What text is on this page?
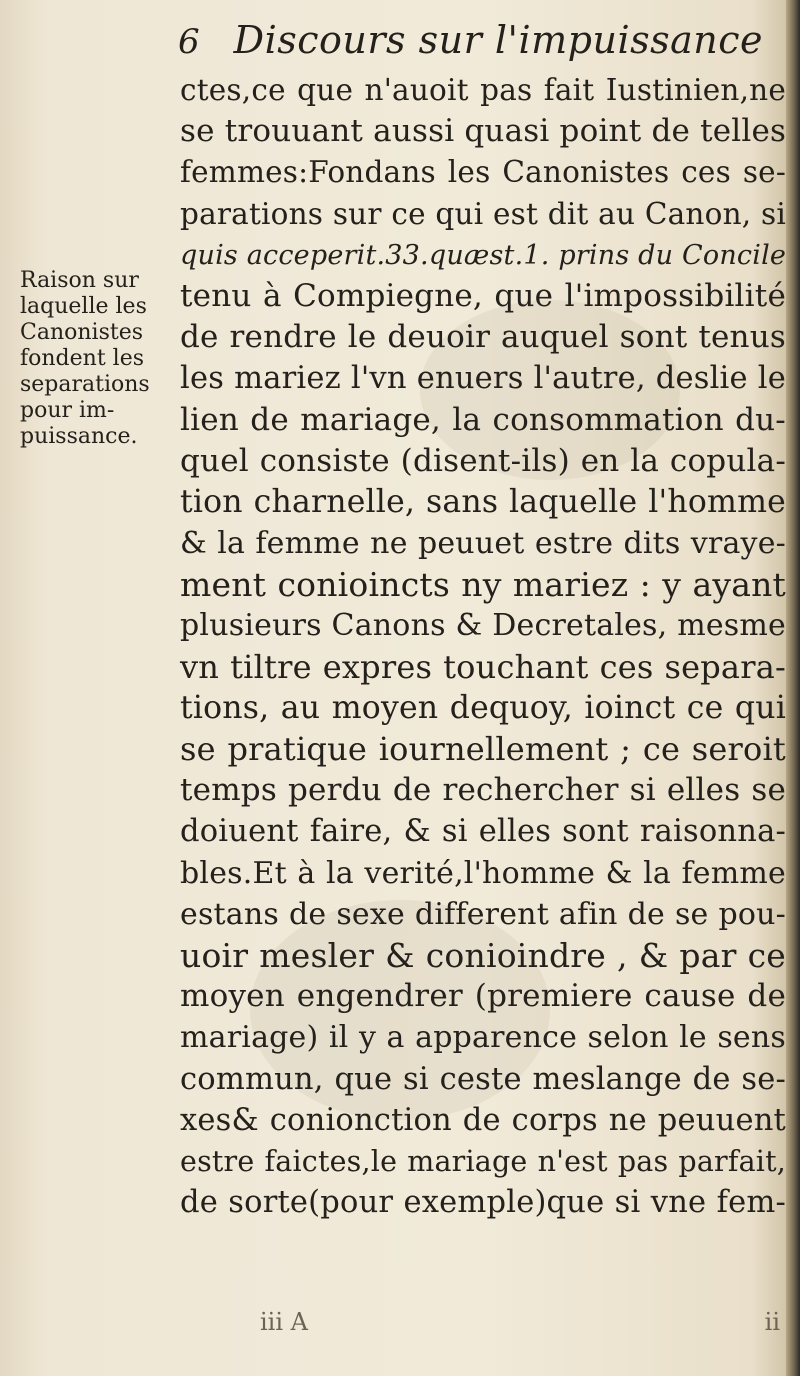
6 Discours sur l'impuissance
Raison sur
laquelle les
Canonistes
fondent les
separations
pour im-
puissance.
ctes,ce que n'auoit pas fait Iustinien,ne
se trouuant aussi quasi point de telles
femmes:Fondans les Canonistes ces se-
parations sur ce qui est dit au Canon, si
quis acceperit.33.quæst.1. prins du Concile
tenu à Compiegne, que l'impossibilité
de rendre le deuoir auquel sont tenus
les mariez l'vn enuers l'autre, deslie le
lien de mariage, la consommation du-
quel consiste (disent-ils) en la copula-
tion charnelle, sans laquelle l'homme
& la femme ne peuuet estre dits vraye-
ment conioincts ny mariez : y ayant
plusieurs Canons & Decretales, mesme
vn tiltre expres touchant ces separa-
tions, au moyen dequoy, ioinct ce qui
se pratique iournellement ; ce seroit
temps perdu de rechercher si elles se
doiuent faire, & si elles sont raisonna-
bles.Et à la verité,l'homme & la femme
estans de sexe different afin de se pou-
uoir mesler & conioindre , & par ce
moyen engendrer (premiere cause de
mariage) il y a apparence selon le sens
commun, que si ceste meslange de se-
xes& conionction de corps ne peuuent
estre faictes,le mariage n'est pas parfait,
de sorte(pour exemple)que si vne fem-
iii A	ii
